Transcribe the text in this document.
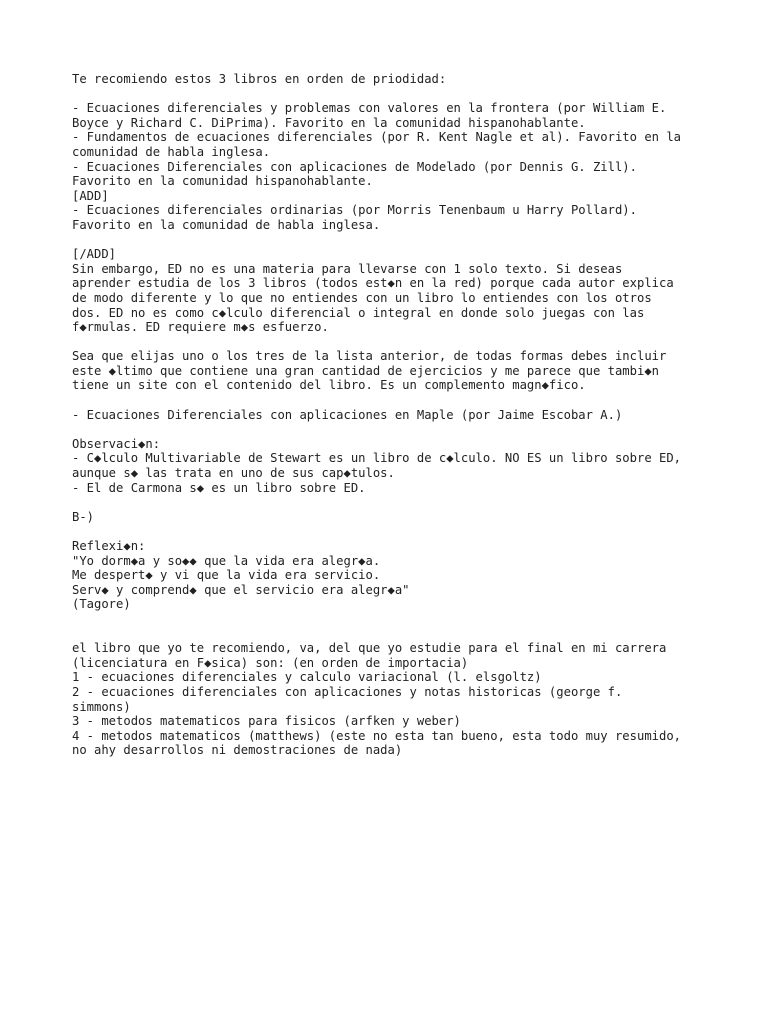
Te recomiendo estos 3 libros en orden de priodidad:

- Ecuaciones diferenciales y problemas con valores en la frontera (por William E.
Boyce y Richard C. DiPrima). Favorito en la comunidad hispanohablante.
- Fundamentos de ecuaciones diferenciales (por R. Kent Nagle et al). Favorito en la
comunidad de habla inglesa.
- Ecuaciones Diferenciales con aplicaciones de Modelado (por Dennis G. Zill).
Favorito en la comunidad hispanohablante.
[ADD]
- Ecuaciones diferenciales ordinarias (por Morris Tenenbaum u Harry Pollard).
Favorito en la comunidad de habla inglesa.

[/ADD]
Sin embargo, ED no es una materia para llevarse con 1 solo texto. Si deseas
aprender estudia de los 3 libros (todos est◆n en la red) porque cada autor explica
de modo diferente y lo que no entiendes con un libro lo entiendes con los otros
dos. ED no es como c◆lculo diferencial o integral en donde solo juegas con las
f◆rmulas. ED requiere m◆s esfuerzo.

Sea que elijas uno o los tres de la lista anterior, de todas formas debes incluir
este ◆ltimo que contiene una gran cantidad de ejercicios y me parece que tambi◆n
tiene un site con el contenido del libro. Es un complemento magn◆fico.

- Ecuaciones Diferenciales con aplicaciones en Maple (por Jaime Escobar A.)

Observaci◆n:
- C◆lculo Multivariable de Stewart es un libro de c◆lculo. NO ES un libro sobre ED,
aunque s◆ las trata en uno de sus cap◆tulos.
- El de Carmona s◆ es un libro sobre ED.

B-)

Reflexi◆n:
"Yo dorm◆a y so◆◆ que la vida era alegr◆a.
Me despert◆ y vi que la vida era servicio.
Serv◆ y comprend◆ que el servicio era alegr◆a"
(Tagore)

el libro que yo te recomiendo, va, del que yo estudie para el final en mi carrera
(licenciatura en F◆sica) son: (en orden de importacia)
1 - ecuaciones diferenciales y calculo variacional (l. elsgoltz)
2 - ecuaciones diferenciales con aplicaciones y notas historicas (george f.
simmons)
3 - metodos matematicos para fisicos (arfken y weber)
4 - metodos matematicos (matthews) (este no esta tan bueno, esta todo muy resumido,
no ahy desarrollos ni demostraciones de nada)
